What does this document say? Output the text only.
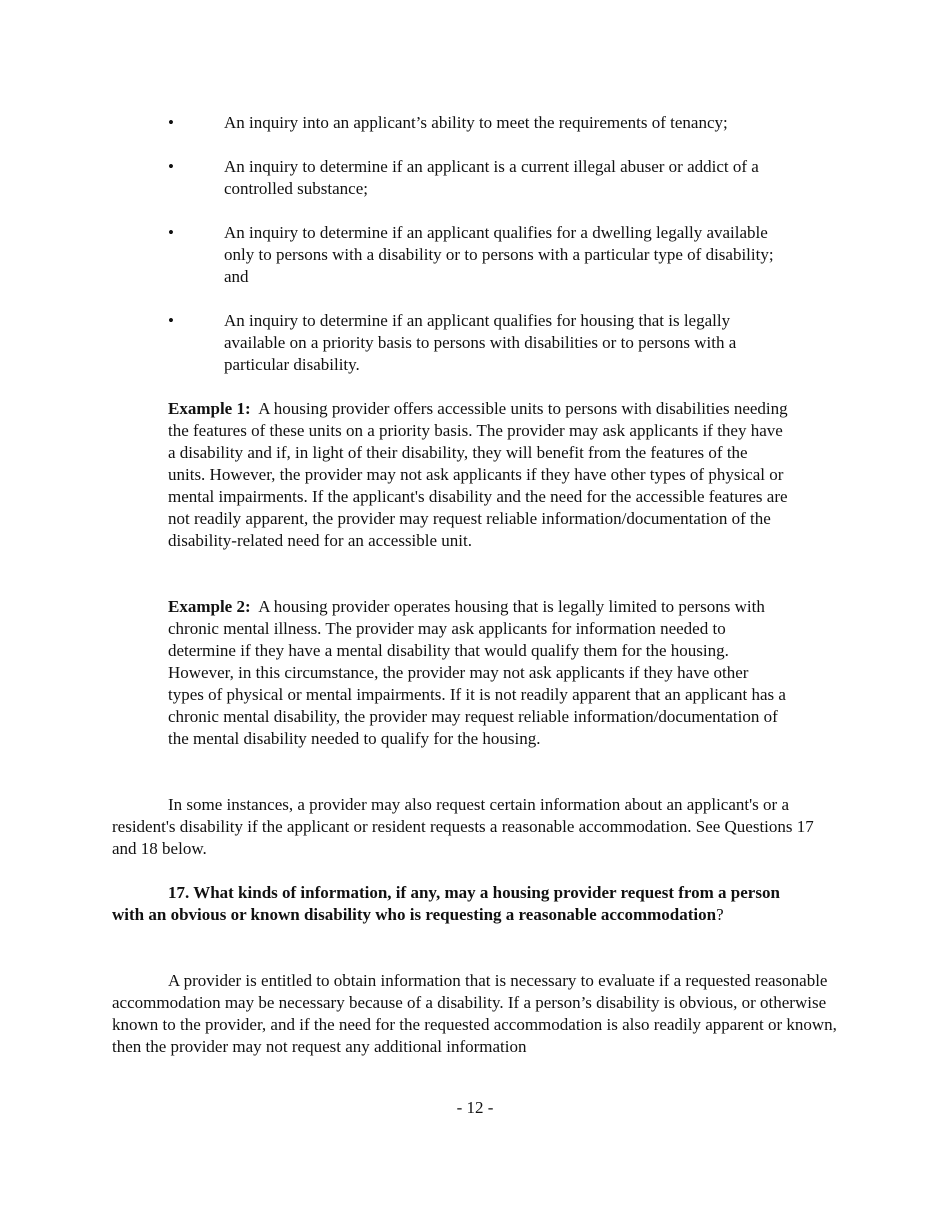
•	An inquiry into an applicant’s ability to meet the requirements of tenancy;
•	An inquiry to determine if an applicant is a current illegal abuser or addict of a controlled substance;
•	An inquiry to determine if an applicant qualifies for a dwelling legally available only to persons with a disability or to persons with a particular type of disability; and
•	An inquiry to determine if an applicant qualifies for housing that is legally available on a priority basis to persons with disabilities or to persons with a particular disability.

Example 1: A housing provider offers accessible units to persons with disabilities needing the features of these units on a priority basis. The provider may ask applicants if they have a disability and if, in light of their disability, they will benefit from the features of the units. However, the provider may not ask applicants if they have other types of physical or mental impairments. If the applicant's disability and the need for the accessible features are not readily apparent, the provider may request reliable information/documentation of the disability-related need for an accessible unit.

Example 2: A housing provider operates housing that is legally limited to persons with chronic mental illness. The provider may ask applicants for information needed to determine if they have a mental disability that would qualify them for the housing. However, in this circumstance, the provider may not ask applicants if they have other types of physical or mental impairments. If it is not readily apparent that an applicant has a chronic mental disability, the provider may request reliable information/documentation of the mental disability needed to qualify for the housing.

In some instances, a provider may also request certain information about an applicant's or a resident's disability if the applicant or resident requests a reasonable accommodation. See Questions 17 and 18 below.

17. What kinds of information, if any, may a housing provider request from a person with an obvious or known disability who is requesting a reasonable accommodation?

A provider is entitled to obtain information that is necessary to evaluate if a requested reasonable accommodation may be necessary because of a disability. If a person’s disability is obvious, or otherwise known to the provider, and if the need for the requested accommodation is also readily apparent or known, then the provider may not request any additional information

- 12 -
